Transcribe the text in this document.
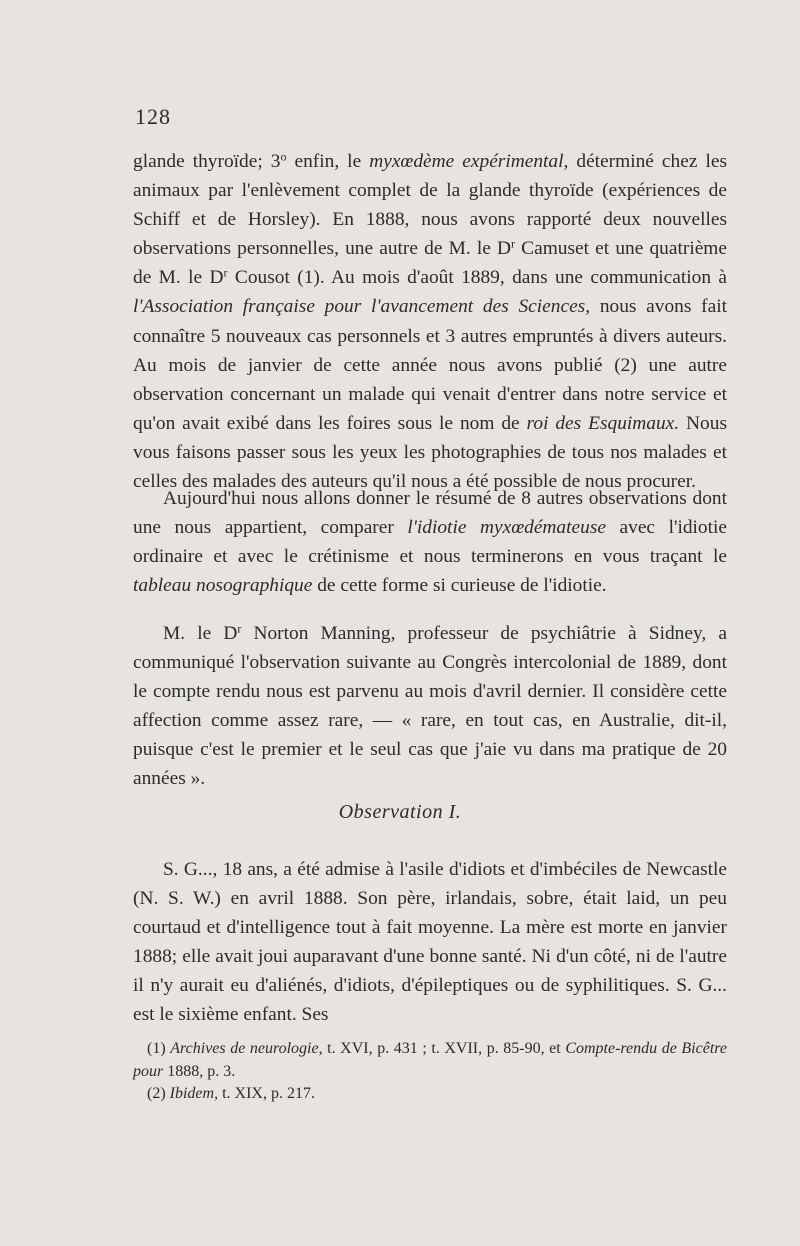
128
glande thyroïde; 3$^o$ enfin, le myxœdème expérimental, déterminé chez les animaux par l'enlèvement complet de la glande thyroïde (expériences de Schiff et de Horsley). En 1888, nous avons rapporté deux nouvelles observations personnelles, une autre de M. le $D^r$ Camuset et une quatrième de M. le $D^r$ Cousot (1). Au mois d'août 1889, dans une communication à l'Association française pour l'avancement des Sciences, nous avons fait connaître 5 nouveaux cas personnels et 3 autres empruntés à divers auteurs. Au mois de janvier de cette année nous avons publié (2) une autre observation concernant un malade qui venait d'entrer dans notre service et qu'on avait exibé dans les foires sous le nom de roi des Esquimaux. Nous vous faisons passer sous les yeux les photographies de tous nos malades et celles des malades des auteurs qu'il nous a été possible de nous procurer.
Aujourd'hui nous allons donner le résumé de 8 autres observations dont une nous appartient, comparer l'idiotie myxœdémateuse avec l'idiotie ordinaire et avec le crétinisme et nous terminerons en vous traçant le tableau nosographique de cette forme si curieuse de l'idiotie.
M. le $D^r$ Norton Manning, professeur de psychiâtrie à Sidney, a communiqué l'observation suivante au Congrès intercolonial de 1889, dont le compte rendu nous est parvenu au mois d'avril dernier. Il considère cette affection comme assez rare, — « rare, en tout cas, en Australie, dit-il, puisque c'est le premier et le seul cas que j'aie vu dans ma pratique de 20 années ».
Observation I.
S. G..., 18 ans, a été admise à l'asile d'idiots et d'imbéciles de Newcastle (N. S. W.) en avril 1888. Son père, irlandais, sobre, était laid, un peu courtaud et d'intelligence tout à fait moyenne. La mère est morte en janvier 1888; elle avait joui auparavant d'une bonne santé. Ni d'un côté, ni de l'autre il n'y aurait eu d'aliénés, d'idiots, d'épileptiques ou de syphilitiques. S. G... est le sixième enfant. Ses
(1) Archives de neurologie, t. XVI, p. 431 ; t. XVII, p. 85-90, et Compte-rendu de Bicêtre pour 1888, p. 3.
(2) Ibidem, t. XIX, p. 217.
